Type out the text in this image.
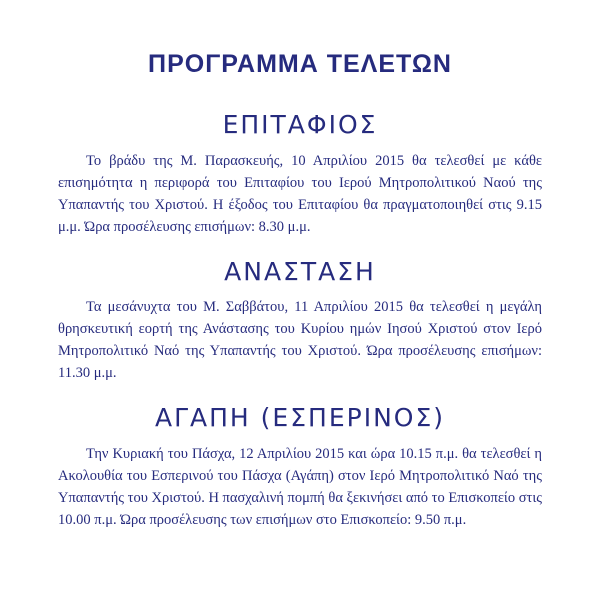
ΠΡΟΓΡΑΜΜΑ ΤΕΛΕΤΩΝ
ΕΠΙΤΑΦΙΟΣ

Το βράδυ της Μ. Παρασκευής, 10 Απριλίου 2015 θα τελεσθεί με κάθε επισημότητα η περιφορά του Επιταφίου του Ιερού Μητροπολιτικού Ναού της Υπαπαντής του Χριστού. Η έξοδος του Επιταφίου θα πραγματοποιηθεί στις 9.15 μ.μ. Ώρα προσέλευσης επισήμων: 8.30 μ.μ.

ΑΝΑΣΤΑΣΗ

Τα μεσάνυχτα του Μ. Σαββάτου, 11 Απριλίου 2015 θα τελεσθεί η μεγάλη θρησκευτική εορτή της Ανάστασης του Κυρίου ημών Ιησού Χριστού στον Ιερό Μητροπολιτικό Ναό της Υπαπαντής του Χριστού. Ώρα προσέλευσης επισήμων: 11.30 μ.μ.

ΑΓΑΠΗ (ΕΣΠΕΡΙΝΟΣ)

Την Κυριακή του Πάσχα, 12 Απριλίου 2015 και ώρα 10.15 π.μ. θα τελεσθεί η Ακολουθία του Εσπερινού του Πάσχα (Αγάπη) στον Ιερό Μητροπολιτικό Ναό της Υπαπαντής του Χριστού. Η πασχαλινή πομπή θα ξεκινήσει από το Επισκοπείο στις 10.00 π.μ. Ώρα προσέλευσης των επισήμων στο Επισκοπείο: 9.50 π.μ.
